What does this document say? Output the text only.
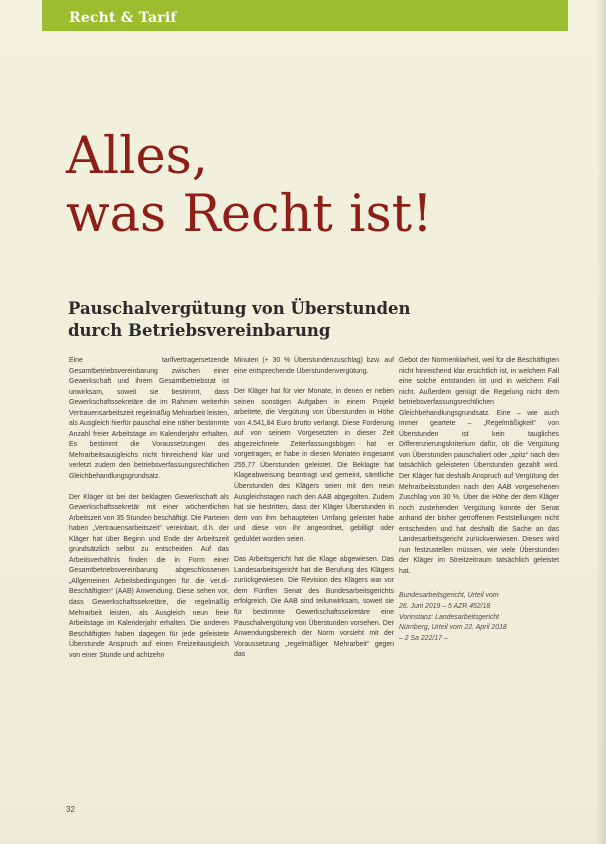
Recht & Tarif
Alles,
was Recht ist!
Pauschalvergütung von Überstunden
durch Betriebsvereinbarung

Eine tarifvertragersetzende Gesamtbetriebsvereinbarung zwischen einer Gewerkschaft und ihrem Gesamtbetriebsrat ist unwirksam, soweit sie bestimmt, dass Gewerkschaftssekretäre die im Rahmen weiterhin Vertrauensarbeitszeit regelmäßig Mehrarbeit leisten, als Ausgleich hierfür pauschal eine näher bestimmte Anzahl freier Arbeitstage im Kalenderjahr erhalten. Es bestimmt die Voraussetzungen des Mehrarbeitsausgleichs nicht hinreichend klar und verletzt zudem den betriebsverfassungsrechtlichen Gleichbehandlungsgrundsatz.

Der Kläger ist bei der beklagten Gewerkschaft als Gewerkschaftssekretär mit einer wöchentlichen Arbeitszeit von 35 Stunden beschäftigt. Die Parteien haben „Vertrauensarbeitszeit“ vereinbart, d.h. der Kläger hat über Beginn und Ende der Arbeitszeit grundsätzlich selbst zu entscheiden. Auf das Arbeitsverhältnis finden die in Form einer Gesamtbetriebsvereinbarung abgeschlossenen „Allgemeinen Arbeitsbedingungen für die ver.di-Beschäftigten“ (AAB) Anwendung. Diese sehen vor, dass Gewerkschaftssekretäre, die regelmäßig Mehrarbeit leisten, als Ausgleich neun freie Arbeitstage im Kalenderjahr erhalten. Die anderen Beschäftigten haben dagegen für jede geleistete Überstunde Anspruch auf einen Freizeitausgleich von einer Stunde und achtzehn

Minuten (+ 30 % Überstundenzuschlag) bzw. auf eine entsprechende Überstundenvergütung.

Der Kläger hat für vier Monate, in denen er neben seinen sonstigen Aufgaben in einem Projekt arbeitete, die Vergütung von Überstunden in Höhe von 4.541,84 Euro brutto verlangt. Diese Forderung auf von seinem Vorgesetzten in dieser Zeit abgezeichnete Zeiterfassungsbögen hat er vorgetragen, er habe in diesen Monaten insgesamt 255,77 Überstunden geleistet. Die Beklagte hat Klageabweisung beantragt und gemeint, sämtliche Überstunden des Klägers seien mit den neun Ausgleichstagen nach den AAB abgegolten. Zudem hat sie bestritten, dass der Kläger Überstunden in dem von ihm behaupteten Umfang geleistet habe und diese von ihr angeordnet, gebilligt oder geduldet worden seien.

Das Arbeitsgericht hat die Klage abgewiesen. Das Landesarbeitsgericht hat die Berufung des Klägers zurückgewiesen. Die Revision des Klägers war vor dem Fünften Senat des Bundesarbeitsgerichts erfolgreich. Die AAB sind teilunwirksam, soweit sie für bestimmte Gewerkschaftssekretäre eine Pauschalvergütung von Überstunden vorsehen. Der Anwendungsbereich der Norm vorsieht mit der Voraussetzung „regelmäßiger Mehrarbeit“ gegen das

Gebot der Normenklarheit, weil für die Beschäftigten nicht hinreichend klar ersichtlich ist, in welchem Fall eine solche entstanden ist und in welchem Fall nicht. Außerdem genügt die Regelung nicht dem betriebsverfassungsrechtlichen Gleichbehandlungsgrundsatz. Eine – wie auch immer geartete – „Regelmäßigkeit“ von Überstunden ist kein taugliches Differenzierungskriterium dafür, ob die Vergütung von Überstunden pauschaliert oder „spitz“ nach den tatsächlich geleisteten Überstunden gezahlt wird. Der Kläger hat deshalb Anspruch auf Vergütung der Mehrarbeitsstunden nach den AAB vorgesehenen Zuschlag von 30 %. Über die Höhe der dem Kläger noch zustehenden Vergütung konnte der Senat anhand der bisher getroffenen Feststellungen nicht entscheiden und hat deshalb die Sache an das Landesarbeitsgericht zurückverwiesen. Dieses wird nun festzustellen müssen, wie viele Überstunden der Kläger im Streitzeitraum tatsächlich geleistet hat.

Bundesarbeitsgericht, Urteil vom
26. Juni 2019 – 5 AZR 452/18
Vorinstanz: Landesarbeitsgericht
Nürnberg, Urteil vom 22. April 2018
– 2 Sa 222/17 –
32
